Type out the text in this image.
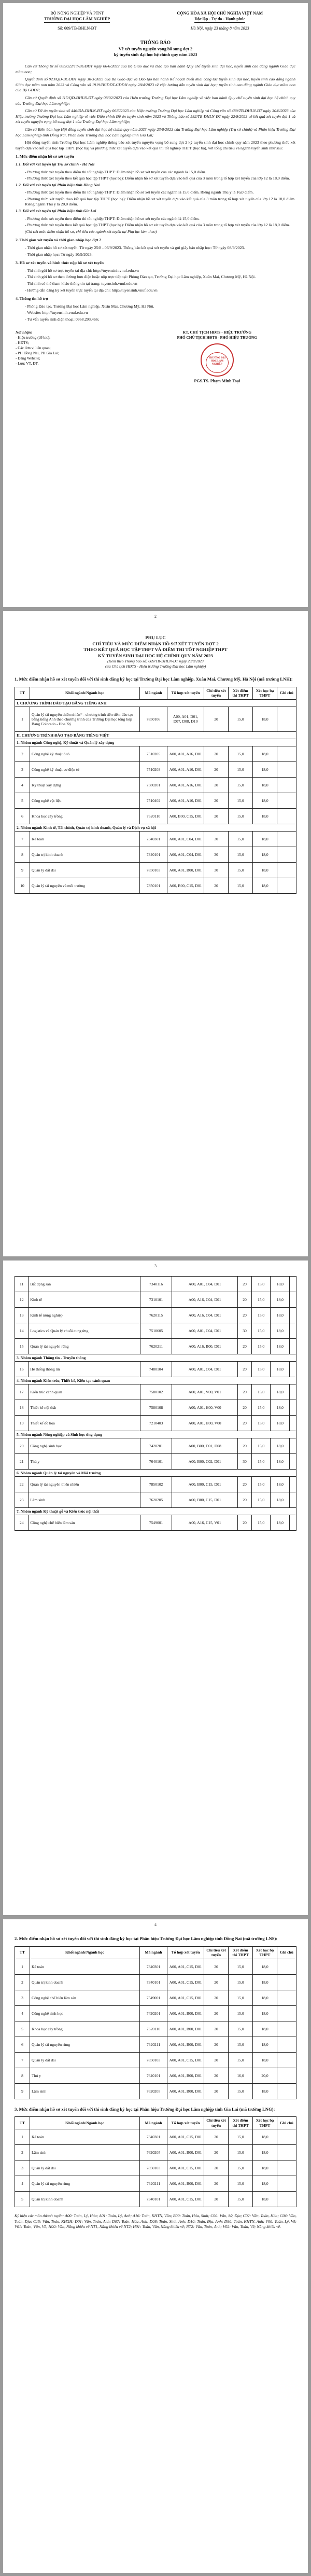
BỘ NÔNG NGHIỆP VÀ PTNT
TRƯỜNG ĐẠI HỌC LÂM NGHIỆP
CỘNG HÒA XÃ HỘI CHỦ NGHĨA VIỆT NAM
Độc lập - Tự do - Hạnh phúc
Số: 609/TB-ĐHLN-ĐT	Hà Nội, ngày 23 tháng 8 năm 2023
THÔNG BÁO
Về xét tuyển nguyện vọng bổ sung đợt 2
kỳ tuyển sinh đại học hệ chính quy năm 2023

Căn cứ Thông tư số 08/2022/TT-BGDĐT ngày 06/6/2022 của Bộ Giáo dục và Đào tạo ban hành Quy chế tuyển sinh đại học, tuyển sinh cao đẳng ngành Giáo dục mầm non;

Quyết định số 923/QĐ-BGDĐT ngày 30/3/2023 của Bộ Giáo dục và Đào tạo ban hành Kế hoạch triển khai công tác tuyển sinh đại học, tuyển sinh cao đẳng ngành Giáo dục mầm non năm 2023 và Công văn số 1919/BGDĐT-GDĐH ngày 28/4/2023 về việc hướng dẫn tuyển sinh đại học; tuyển sinh cao đẳng ngành Giáo dục mầm non của Bộ GDĐT;

Căn cứ Quyết định số 115/QĐ-ĐHLN-ĐT ngày 08/02/2023 của Hiệu trưởng Trường Đại học Lâm nghiệp về việc ban hành Quy chế tuyển sinh đại học hệ chính quy của Trường Đại học Lâm nghiệp;

Căn cứ Đề án tuyển sinh số 446/ĐA-ĐHLN-ĐT ngày 06/6/2023 của Hiệu trưởng Trường Đại học Lâm nghiệp và Công văn số 489/TB-ĐHLN-ĐT ngày 30/6/2023 của Hiệu trưởng Trường Đại học Lâm nghiệp về việc Điều chỉnh Đề án tuyển sinh năm 2023 và Thông báo số 582/TB-ĐHLN-ĐT ngày 22/8/2023 về kết quả xét tuyển đợt 1 và xét tuyển nguyện vọng bổ sung đợt 1 của Trường Đại học Lâm nghiệp;

Căn cứ Biên bản họp Hội đồng tuyển sinh đại học hệ chính quy năm 2023 ngày 23/8/2023 của Trường Đại học Lâm nghiệp (Trụ sở chính) và Phân hiệu Trường Đại học Lâm nghiệp tỉnh Đồng Nai, Phân hiệu Trường Đại học Lâm nghiệp tỉnh Gia Lai;

Hội đồng tuyển sinh Trường Đại học Lâm nghiệp thông báo xét tuyển nguyện vọng bổ sung đợt 2 kỳ tuyển sinh đại học chính quy năm 2023 theo phương thức xét tuyển dựa vào kết quả học tập THPT (học bạ) và phương thức xét tuyển dựa vào kết quả thi tốt nghiệp THPT (học bạ), với tổng chỉ tiêu và ngành tuyển sinh như sau:

1. Mức điểm nhận hồ sơ xét tuyển

1.1. Đối với xét tuyển tại Trụ sở chính - Hà Nội

- Phương thức xét tuyển theo điểm thi tốt nghiệp THPT: Điểm nhận hồ sơ xét tuyển của các ngành là 15,0 điểm.

- Phương thức xét tuyển theo kết quả học tập THPT (học bạ): Điểm nhận hồ sơ xét tuyển dựa vào kết quả của 3 môn trong tổ hợp xét tuyển của lớp 12 là 18,0 điểm.

1.2. Đối với xét tuyển tại Phân hiệu tỉnh Đồng Nai

- Phương thức xét tuyển theo điểm thi tốt nghiệp THPT: Điểm nhận hồ sơ xét tuyển các ngành là 15,0 điểm. Riêng ngành Thú y là 16,0 điểm.

- Phương thức xét tuyển theo kết quả học tập THPT (học bạ): Điểm nhận hồ sơ xét tuyển dựa vào kết quả của 3 môn trong tổ hợp xét tuyển của lớp 12 là 18,0 điểm. Riêng ngành Thú y là 20,0 điểm.

1.3. Đối với xét tuyển tại Phân hiệu tỉnh Gia Lai

- Phương thức xét tuyển theo điểm thi tốt nghiệp THPT: Điểm nhận hồ sơ xét tuyển các ngành là 15,0 điểm.

- Phương thức xét tuyển theo kết quả học tập THPT (học bạ): Điểm nhận hồ sơ xét tuyển dựa vào kết quả của 3 môn trong tổ hợp xét tuyển của lớp 12 là 18,0 điểm.

(Chi tiết mức điểm nhận hồ sơ, chỉ tiêu các ngành xét tuyển tại Phụ lục kèm theo)

2. Thời gian xét tuyển và thời gian nhập học đợt 2

- Thời gian nhận hồ sơ xét tuyển: Từ ngày 25/8 - 06/9/2023. Thông báo kết quả xét tuyển và gửi giấy báo nhập học: Từ ngày 08/9/2023.

- Thời gian nhập học: Từ ngày 10/9/2023.

3. Hồ sơ xét tuyển và hình thức nộp hồ sơ xét tuyển

- Thí sinh gửi hồ sơ trực tuyến tại địa chỉ: http://tuyensinh.vnuf.edu.vn

- Thí sinh gửi hồ sơ theo đường bưu điện hoặc nộp trực tiếp tại: Phòng Đào tạo, Trường Đại học Lâm nghiệp, Xuân Mai, Chương Mỹ, Hà Nội.

- Thí sinh có thể tham khảo thông tin tại trang: tuyensinh.vnuf.edu.vn

- Hướng dẫn đăng ký xét tuyển trực tuyến tại địa chỉ: http://tuyensinh.vnuf.edu.vn

4. Thông tin hỗ trợ

- Phòng Đào tạo, Trường Đại học Lâm nghiệp, Xuân Mai, Chương Mỹ, Hà Nội.

- Website: http://tuyensinh.vnuf.edu.vn

- Tư vấn tuyển sinh điện thoại: 0968.293.466;

Nơi nhận:
- Hiệu trưởng (để b/c);
- HĐTS;
- Các đơn vị liên quan;
- PH Đồng Nai, PH Gia Lai;
- Đăng Website;
- Lưu: VT, ĐT.
KT. CHỦ TỊCH HĐTS - HIỆU TRƯỞNG
PHÓ CHỦ TỊCH HĐTS - PHÓ HIỆU TRƯỞNG
TRƯỜNG ĐẠI HỌC LÂM NGHIỆP
PGS.TS. Phạm Minh Toại
2
PHỤ LỤC
CHỈ TIÊU VÀ MỨC ĐIỂM NHẬN HỒ SƠ XÉT TUYỂN ĐỢT 2
THEO KẾT QUẢ HỌC TẬP THPT VÀ ĐIỂM THI TỐT NGHIỆP THPT
KỲ TUYỂN SINH ĐẠI HỌC HỆ CHÍNH QUY NĂM 2023
(Kèm theo Thông báo số: 609/TB-ĐHLN-ĐT ngày 23/8/2023
của Chủ tịch HĐTS - Hiệu trưởng Trường Đại học Lâm nghiệp)
1. Mức điểm nhận hồ sơ xét tuyển đối với thí sinh đăng ký học tại Trường Đại học Lâm nghiệp, Xuân Mai, Chương Mỹ, Hà Nội (mã trường LNH):
TT	Khối ngành/Ngành học	Mã ngành	Tổ hợp xét tuyển	Chỉ tiêu xét tuyển	Xét điểm thi THPT	Xét học bạ THPT	Ghi chú
I. CHƯƠNG TRÌNH ĐÀO TẠO BẰNG TIẾNG ANH							
1	Quản lý tài nguyên thiên nhiên* - chương trình tiên tiến: đào tạo bằng tiếng Anh theo chương trình của Trường Đại học tổng hợp Bang Colorado - Hoa Kỳ	7850106	A00, A01, D01, D07, D08, D10	20	15,0	18,0	
II. CHƯƠNG TRÌNH ĐÀO TẠO BẰNG TIẾNG VIỆT							
1. Nhóm ngành Công nghệ, Kỹ thuật và Quản lý xây dựng							
2	Công nghệ kỹ thuật ô tô	7510205	A00, A01, A16, D01	20	15,0	18,0	
3	Công nghệ kỹ thuật cơ điện tử	7510203	A00, A01, A16, D01	20	15,0	18,0	
4	Kỹ thuật xây dựng	7580201	A00, A01, A16, D01	20	15,0	18,0	
5	Công nghệ vật liệu	7510402	A00, A01, A16, D01	20	15,0	18,0	
6	Khoa học cây trồng	7620110	A00, B00, C15, D01	20	15,0	18,0	
2. Nhóm ngành Kinh tế, Tài chính, Quản trị kinh doanh, Quản lý và Dịch vụ xã hội							
7	Kế toán	7340301	A00, A01, C04, D01	30	15,0	18,0	
8	Quản trị kinh doanh	7340101	A00, A01, C04, D01	30	15,0	18,0	
9	Quản lý đất đai	7850103	A00, A01, B00, D01	30	15,0	18,0	
10	Quản lý tài nguyên và môi trường	7850101	A00, B00, C15, D01	20	15,0	18,0	
3
11	Bất động sản	7340116	A00, A01, C04, D01	20	15,0	18,0	
12	Kinh tế	7310101	A00, A16, C04, D01	20	15,0	18,0	
13	Kinh tế nông nghiệp	7620115	A00, A16, C04, D01	20	15,0	18,0	
14	Logistics và Quản lý chuỗi cung ứng	7510605	A00, A01, C04, D01	30	15,0	18,0	
15	Quản lý tài nguyên rừng	7620211	A00, A16, B00, D01	20	15,0	18,0	
3. Nhóm ngành Thông tin - Truyền thông							
16	Hệ thống thông tin	7480104	A00, A01, C04, D01	20	15,0	18,0	
4. Nhóm ngành Kiến trúc, Thiết kế, Kiến tạo cảnh quan							
17	Kiến trúc cảnh quan	7580102	A00, A01, V00, V01	20	15,0	18,0	
18	Thiết kế nội thất	7580108	A00, A01, H00, V00	20	15,0	18,0	
19	Thiết kế đồ họa	7210403	A00, A01, H00, V00	20	15,0	18,0	
5. Nhóm ngành Nông nghiệp và Sinh học ứng dụng							
20	Công nghệ sinh học	7420201	A00, B00, D01, D08	20	15,0	18,0	
21	Thú y	7640101	A00, B00, C02, D01	30	15,0	18,0	
6. Nhóm ngành Quản lý tài nguyên và Môi trường							
22	Quản lý tài nguyên thiên nhiên	7850102	A00, B00, C15, D01	20	15,0	18,0	
23	Lâm sinh	7620205	A00, B00, C15, D01	20	15,0	18,0	
7. Nhóm ngành Kỹ thuật gỗ và Kiến trúc nội thất							
24	Công nghệ chế biến lâm sản	7549001	A00, A16, C15, V01	20	15,0	18,0	
4
2. Mức điểm nhận hồ sơ xét tuyển đối với thí sinh đăng ký học tại Phân hiệu Trường Đại học Lâm nghiệp tỉnh Đồng Nai (mã trường LNS):
TT	Khối ngành/Ngành học	Mã ngành	Tổ hợp xét tuyển	Chỉ tiêu xét tuyển	Xét điểm thi THPT	Xét học bạ THPT	Ghi chú
1	Kế toán	7340301	A00, A01, C15, D01	20	15,0	18,0	
2	Quản trị kinh doanh	7340101	A00, A01, C15, D01	20	15,0	18,0	
3	Công nghệ chế biến lâm sản	7549001	A00, A01, C15, D01	20	15,0	18,0	
4	Công nghệ sinh học	7420201	A00, A01, B00, D01	20	15,0	18,0	
5	Khoa học cây trồng	7620110	A00, A01, B00, D01	20	15,0	18,0	
6	Quản lý tài nguyên rừng	7620211	A00, A01, B00, D01	20	15,0	18,0	
7	Quản lý đất đai	7850103	A00, A01, C15, D01	20	15,0	18,0	
8	Thú y	7640101	A00, A01, B00, D01	20	16,0	20,0	
9	Lâm sinh	7620205	A00, A01, B00, D01	20	15,0	18,0	
3. Mức điểm nhận hồ sơ xét tuyển đối với thí sinh đăng ký học tại Phân hiệu Trường Đại học Lâm nghiệp tỉnh Gia Lai (mã trường LNG):
TT	Khối ngành/Ngành học	Mã ngành	Tổ hợp xét tuyển	Chỉ tiêu xét tuyển	Xét điểm thi THPT	Xét học bạ THPT	Ghi chú
1	Kế toán	7340301	A00, A01, C15, D01	20	15,0	18,0	
2	Lâm sinh	7620205	A00, A01, B00, D01	20	15,0	18,0	
3	Quản lý đất đai	7850103	A00, A01, C15, D01	20	15,0	18,0	
4	Quản lý tài nguyên rừng	7620211	A00, A01, B00, D01	20	15,0	18,0	
5	Quản trị kinh doanh	7340101	A00, A01, C15, D01	20	15,0	18,0	

Ký hiệu các môn thi/xét tuyển: A00: Toán, Lý, Hóa; A01: Toán, Lý, Anh; A16: Toán, KHTN, Văn; B00: Toán, Hóa, Sinh; C00: Văn, Sử, Địa; C02: Văn, Toán, Hóa; C04: Văn, Toán, Địa; C15: Văn, Toán, KHXH; D01: Văn, Toán, Anh; D07: Toán, Hóa, Anh; D08: Toán, Sinh, Anh; D10: Toán, Địa, Anh; D90: Toán, KHTN, Anh; V00: Toán, Lý, Vẽ; V01: Toán, Văn, Vẽ; H00: Văn, Năng khiếu vẽ NT1, Năng khiếu vẽ NT2; H01: Toán, Văn, Năng khiếu vẽ; NT2: Văn, Toán, Anh; V02: Văn, Toán, Vẽ; Năng khiếu vẽ.
